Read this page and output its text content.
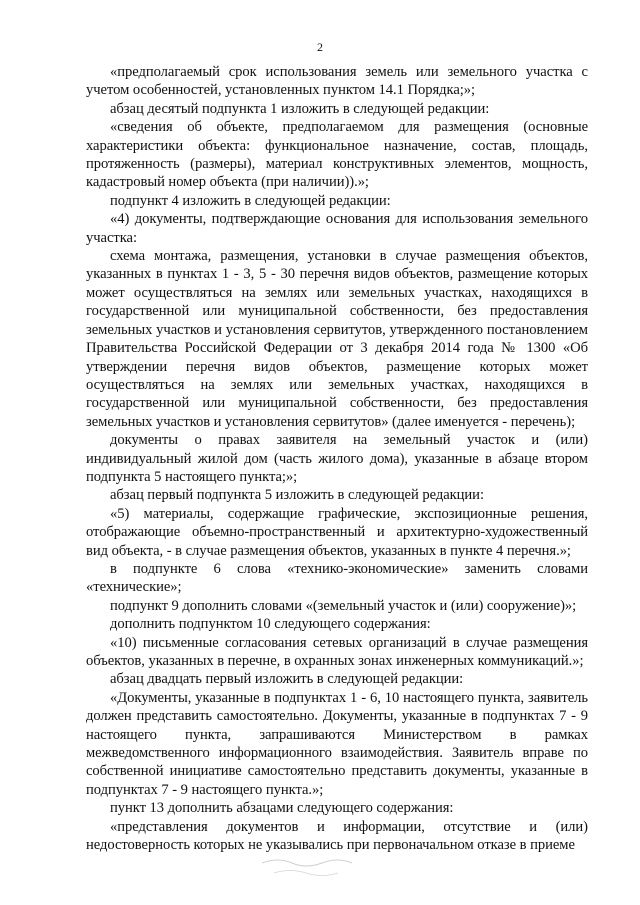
2

«предполагаемый срок использования земель или земельного участка с учетом особенностей, установленных пунктом 14.1 Порядка;»;

абзац десятый подпункта 1 изложить в следующей редакции:

«сведения об объекте, предполагаемом для размещения (основные характеристики объекта: функциональное назначение, состав, площадь, протяженность (размеры), материал конструктивных элементов, мощность, кадастровый номер объекта (при наличии)).»;

подпункт 4 изложить в следующей редакции:

«4) документы, подтверждающие основания для использования земельного участка:

схема монтажа, размещения, установки в случае размещения объектов, указанных в пунктах 1 - 3, 5 - 30 перечня видов объектов, размещение которых может осуществляться на землях или земельных участках, находящихся в государственной или муниципальной собственности, без предоставления земельных участков и установления сервитутов, утвержденного постановлением Правительства Российской Федерации от 3 декабря 2014 года № 1300 «Об утверждении перечня видов объектов, размещение которых может осуществляться на землях или земельных участках, находящихся в государственной или муниципальной собственности, без предоставления земельных участков и установления сервитутов» (далее именуется - перечень);

документы о правах заявителя на земельный участок и (или) индивидуальный жилой дом (часть жилого дома), указанные в абзаце втором подпункта 5 настоящего пункта;»;

абзац первый подпункта 5 изложить в следующей редакции:

«5) материалы, содержащие графические, экспозиционные решения, отображающие объемно-пространственный и архитектурно-художественный вид объекта, - в случае размещения объектов, указанных в пункте 4 перечня.»;

в подпункте 6 слова «технико-экономические» заменить словами «технические»;

подпункт 9 дополнить словами «(земельный участок и (или) сооружение)»;

дополнить подпунктом 10 следующего содержания:

«10) письменные согласования сетевых организаций в случае размещения объектов, указанных в перечне, в охранных зонах инженерных коммуникаций.»;

абзац двадцать первый изложить в следующей редакции:

«Документы, указанные в подпунктах 1 - 6, 10 настоящего пункта, заявитель должен представить самостоятельно. Документы, указанные в подпунктах 7 - 9 настоящего пункта, запрашиваются Министерством в рамках межведомственного информационного взаимодействия. Заявитель вправе по собственной инициативе самостоятельно представить документы, указанные в подпунктах 7 - 9 настоящего пункта.»;

пункт 13 дополнить абзацами следующего содержания:

«представления документов и информации, отсутствие и (или) недостоверность которых не указывались при первоначальном отказе в приеме
